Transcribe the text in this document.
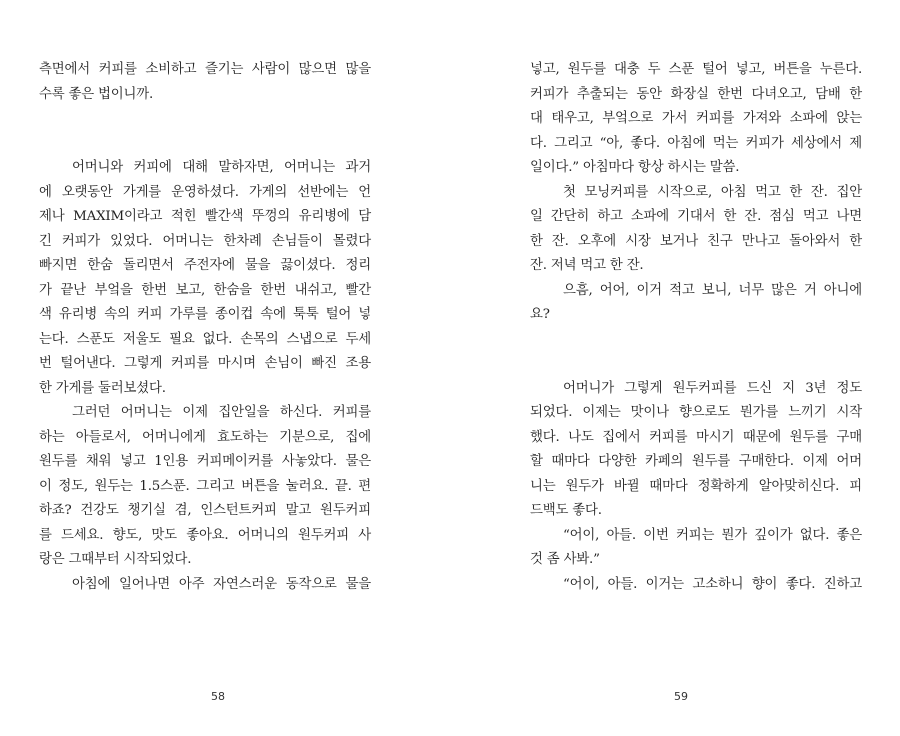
측면에서 커피를 소비하고 즐기는 사람이 많으면 많을
수록 좋은 법이니까.
어머니와 커피에 대해 말하자면, 어머니는 과거
에 오랫동안 가게를 운영하셨다. 가게의 선반에는 언
제나 MAXIM이라고 적힌 빨간색 뚜껑의 유리병에 담
긴 커피가 있었다. 어머니는 한차례 손님들이 몰렸다
빠지면 한숨 돌리면서 주전자에 물을 끓이셨다. 정리
가 끝난 부엌을 한번 보고, 한숨을 한번 내쉬고, 빨간
색 유리병 속의 커피 가루를 종이컵 속에 툭툭 털어 넣
는다. 스푼도 저울도 필요 없다. 손목의 스냅으로 두세
번 털어낸다. 그렇게 커피를 마시며 손님이 빠진 조용
한 가게를 둘러보셨다.
그러던 어머니는 이제 집안일을 하신다. 커피를
하는 아들로서, 어머니에게 효도하는 기분으로, 집에
원두를 채워 넣고 1인용 커피메이커를 사놓았다. 물은
이 정도, 원두는 1.5스푼. 그리고 버튼을 눌러요. 끝. 편
하죠? 건강도 챙기실 겸, 인스턴트커피 말고 원두커피
를 드세요. 향도, 맛도 좋아요. 어머니의 원두커피 사
랑은 그때부터 시작되었다.
아침에 일어나면 아주 자연스러운 동작으로 물을
58
넣고, 원두를 대충 두 스푼 털어 넣고, 버튼을 누른다.
커피가 추출되는 동안 화장실 한번 다녀오고, 담배 한
대 태우고, 부엌으로 가서 커피를 가져와 소파에 앉는
다. 그리고 “아, 좋다. 아침에 먹는 커피가 세상에서 제
일이다.” 아침마다 항상 하시는 말씀.
첫 모닝커피를 시작으로, 아침 먹고 한 잔. 집안
일 간단히 하고 소파에 기대서 한 잔. 점심 먹고 나면
한 잔. 오후에 시장 보거나 친구 만나고 돌아와서 한
잔. 저녁 먹고 한 잔.
으흠, 어어, 이거 적고 보니, 너무 많은 거 아니에
요?
어머니가 그렇게 원두커피를 드신 지 3년 정도
되었다. 이제는 맛이나 향으로도 뭔가를 느끼기 시작
했다. 나도 집에서 커피를 마시기 때문에 원두를 구매
할 때마다 다양한 카페의 원두를 구매한다. 이제 어머
니는 원두가 바뀔 때마다 정확하게 알아맞히신다. 피
드백도 좋다.
“어이, 아들. 이번 커피는 뭔가 깊이가 없다. 좋은
것 좀 사봐.”
“어이, 아들. 이거는 고소하니 향이 좋다. 진하고
59
